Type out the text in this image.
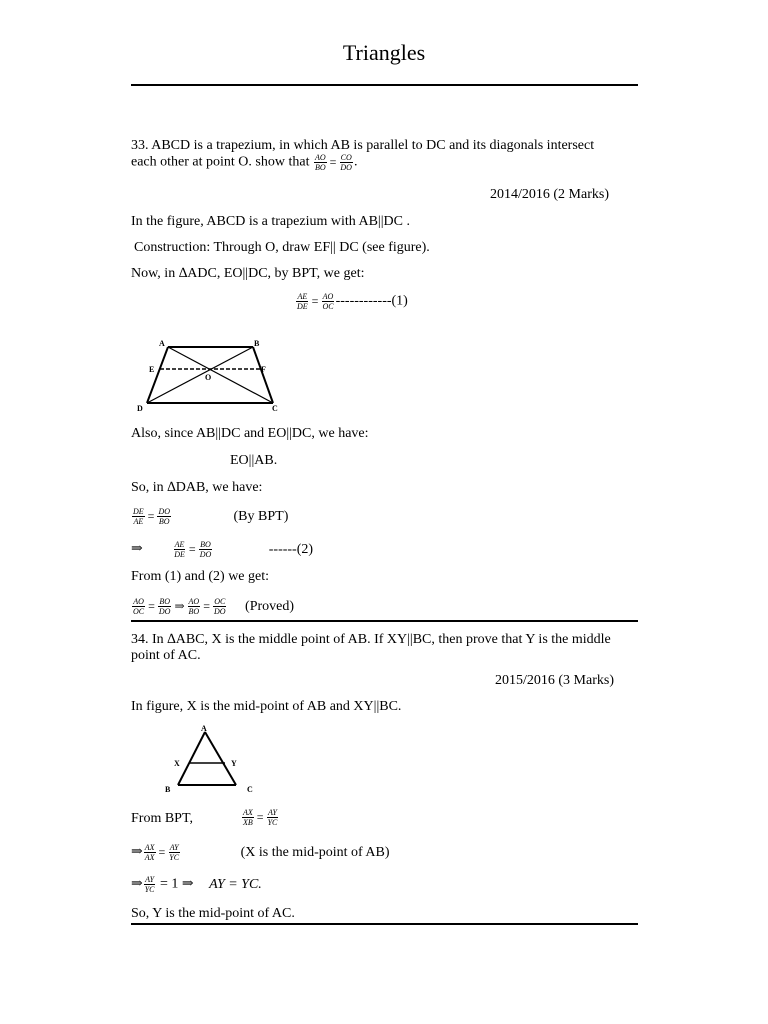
Triangles
33. ABCD is a trapezium, in which AB is parallel to DC and its diagonals intersect
each other at point O. show that $\frac{AO}{BO} = \frac{CO}{DO}$ .
2014/2016 (2 Marks)
In the figure, ABCD is a trapezium with AB||DC .
Construction: Through O, draw EF|| DC (see figure).
Now, in ∆ADC, EO||DC, by BPT, we get:
$\frac{AE}{DE} = \frac{AO}{OC} ------------(1)$
A	B
C
D
E
O
F
Also, since AB||DC and EO||DC, we have:
EO||AB.
So, in ∆DAB, we have:
$\frac{DE}{AE} = \frac{DO}{BO}$	(By BPT)
⇒	$\frac{AE}{DE} = \frac{BO}{DO}$	------(2)
From (1) and (2) we get:
$\frac{AO}{OC} = \frac{BO}{DO}$ ⇒ $\frac{AO}{BO} = \frac{OC}{DO}$ (Proved)
34. In ∆ABC, X is the middle point of AB. If XY||BC, then prove that Y is the middle
point of AC.
2015/2016 (3 Marks)
In figure, X is the mid-point of AB and XY||BC.
A
B	C
X	Y
From BPT,	$\frac{AX}{XB} = \frac{AY}{YC}$
⇒ $\frac{AX}{AX} = \frac{AY}{YC}$	(X is the mid-point of AB)
⇒ $\frac{AY}{YC} = 1$ ⇒ AY = YC.
So, Y is the mid-point of AC.
